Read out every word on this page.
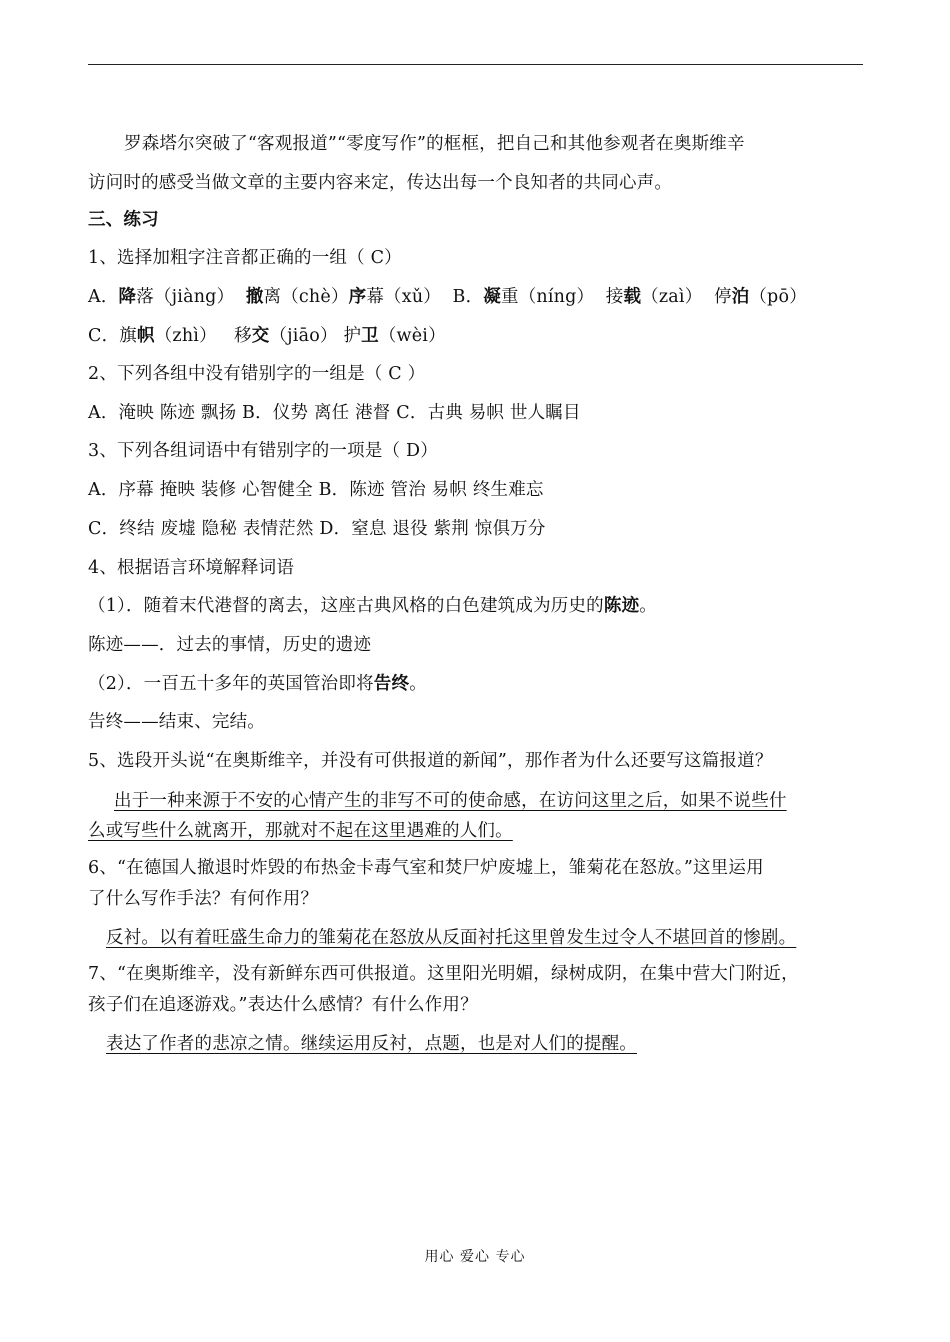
罗森塔尔突破了“客观报道”“零度写作”的框框，把自己和其他参观者在奥斯维辛
访问时的感受当做文章的主要内容来定，传达出每一个良知者的共同心声。
三、练习
1、选择加粗字注音都正确的一组（ C）
A．降落（jiàng）  撤离（chè）序幕（xǔ）  B．凝重（níng）  接载（zaì）  停泊（pō）
C．旗帜（zhì）   移交（jiāo） 护卫（wèi）
2、下列各组中没有错别字的一组是（ C ）
A．淹映 陈迹 飘扬 B．仪势 离任 港督 C．古典 易帜 世人瞩目
3、下列各组词语中有错别字的一项是（ D）
A．序幕 掩映 装修 心智健全 B．陈迹 管治 易帜 终生难忘
C．终结 废墟 隐秘 表情茫然 D．窒息 退役 紫荆 惊俱万分
4、根据语言环境解释词语
（1）．随着末代港督的离去，这座古典风格的白色建筑成为历史的陈迹。
陈迹——．过去的事情，历史的遗迹
（2）．一百五十多年的英国管治即将告终。
告终——结束、完结。
5、选段开头说“在奥斯维辛，并没有可供报道的新闻”，那作者为什么还要写这篇报道？
出于一种来源于不安的心情产生的非写不可的使命感，在访问这里之后，如果不说些什
么或写些什么就离开，那就对不起在这里遇难的人们。
6、“在德国人撤退时炸毁的布热金卡毒气室和焚尸炉废墟上，雏菊花在怒放。”这里运用
了什么写作手法？有何作用？
反衬。以有着旺盛生命力的雏菊花在怒放从反面衬托这里曾发生过令人不堪回首的惨剧。
7、“在奥斯维辛，没有新鲜东西可供报道。这里阳光明媚，绿树成阴，在集中营大门附近，
孩子们在追逐游戏。”表达什么感情？有什么作用？
表达了作者的悲凉之情。继续运用反衬，点题，也是对人们的提醒。
用心 爱心 专心
